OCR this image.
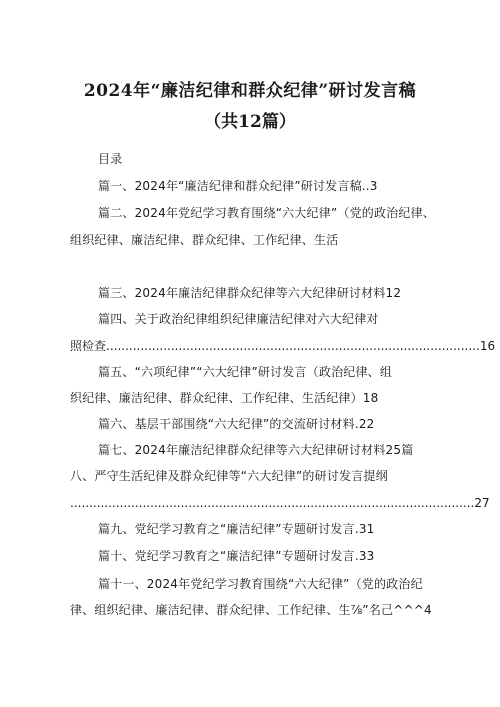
2024年“廉洁纪律和群众纪律”研讨发言稿
（共12篇）
目录
篇一、2024年“廉洁纪律和群众纪律”研讨发言稿..3
篇二、2024年党纪学习教育围绕“六大纪律”（党的政治纪律、
组织纪律、廉洁纪律、群众纪律、工作纪律、生活
篇三、2024年廉洁纪律群众纪律等六大纪律研讨材料12
篇四、关于政治纪律组织纪律廉洁纪律对六大纪律对
照检查..................................................................................................16
篇五、“六项纪律”“六大纪律”研讨发言（政治纪律、组
织纪律、廉洁纪律、群众纪律、工作纪律、生活纪律）18
篇六、基层干部围绕“六大纪律”的交流研讨材料.22
篇七、2024年廉洁纪律群众纪律等六大纪律研讨材料25篇
八、严守生活纪律及群众纪律等“六大纪律”的研讨发言提纲
..........................................................................................................27
篇九、党纪学习教育之“廉洁纪律”专题研讨发言.31
篇十、党纪学习教育之“廉洁纪律”专题研讨发言.33
篇十一、2024年党纪学习教育围绕“六大纪律”（党的政治纪
律、组织纪律、廉洁纪律、群众纪律、工作纪律、生⅞”名己^^^4
